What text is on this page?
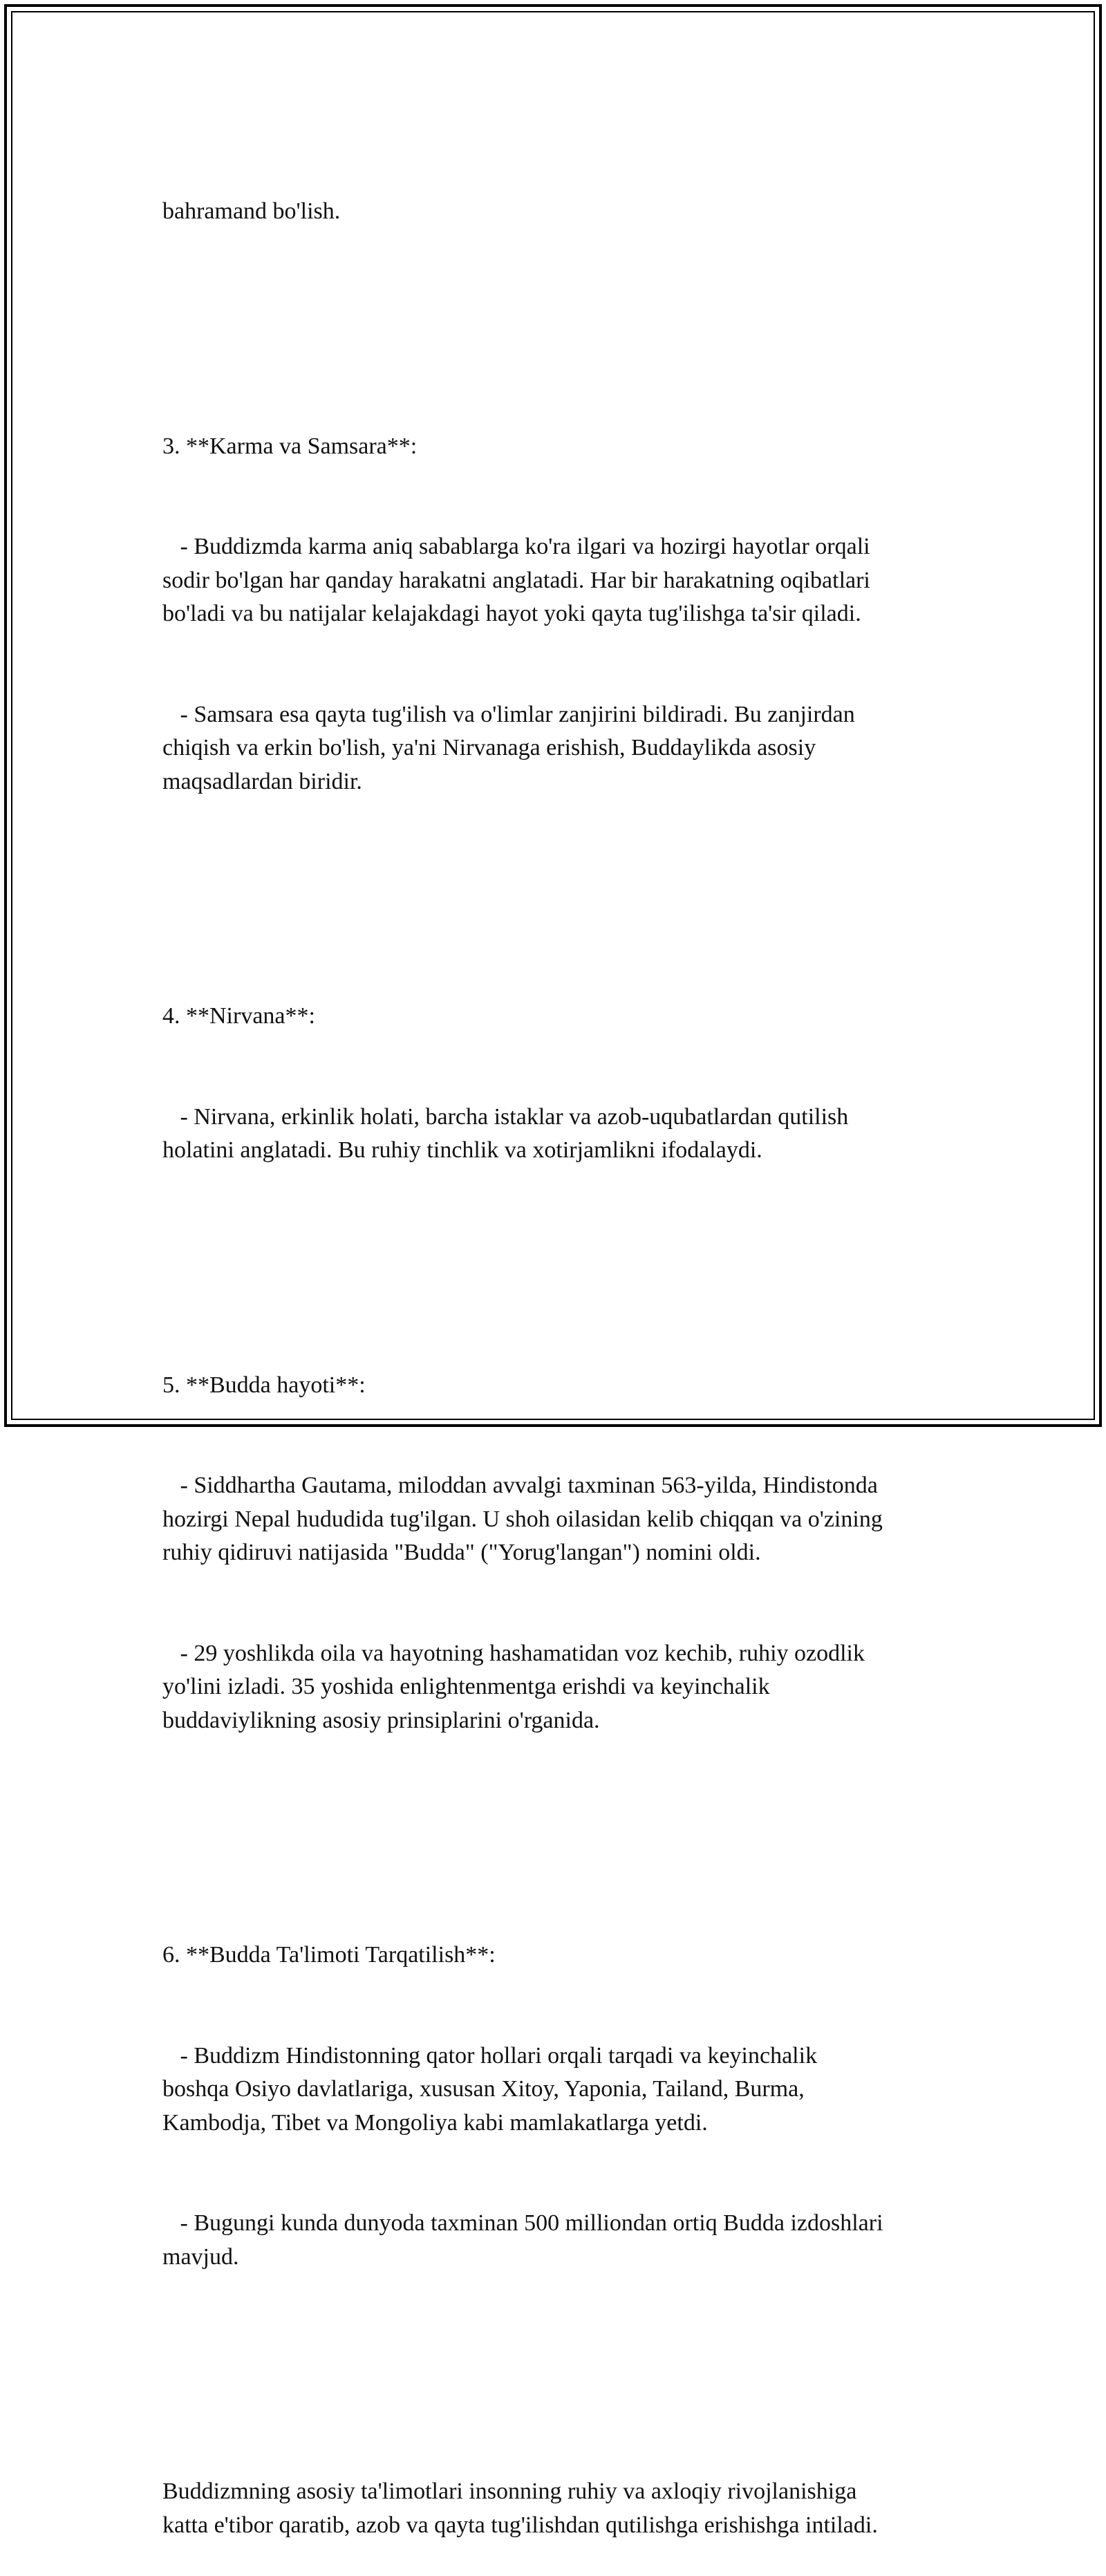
bahramand bo'lish.

3. **Karma va Samsara**:

- Buddizmda karma aniq sabablarga ko'ra ilgari va hozirgi hayotlar orqali
sodir bo'lgan har qanday harakatni anglatadi. Har bir harakatning oqibatlari
bo'ladi va bu natijalar kelajakdagi hayot yoki qayta tug'ilishga ta'sir qiladi.

- Samsara esa qayta tug'ilish va o'limlar zanjirini bildiradi. Bu zanjirdan
chiqish va erkin bo'lish, ya'ni Nirvanaga erishish, Buddaylikda asosiy
maqsadlardan biridir.

4. **Nirvana**:

- Nirvana, erkinlik holati, barcha istaklar va azob-uqubatlardan qutilish
holatini anglatadi. Bu ruhiy tinchlik va xotirjamlikni ifodalaydi.

5. **Budda hayoti**:

- Siddhartha Gautama, miloddan avvalgi taxminan 563-yilda, Hindistonda
hozirgi Nepal hududida tug'ilgan. U shoh oilasidan kelib chiqqan va o'zining
ruhiy qidiruvi natijasida "Budda" ("Yorug'langan") nomini oldi.

- 29 yoshlikda oila va hayotning hashamatidan voz kechib, ruhiy ozodlik
yo'lini izladi. 35 yoshida enlightenmentga erishdi va keyinchalik
buddaviylikning asosiy prinsiplarini o'rganida.

6. **Budda Ta'limoti Tarqatilish**:

- Buddizm Hindistonning qator hollari orqali tarqadi va keyinchalik
boshqa Osiyo davlatlariga, xususan Xitoy, Yaponia, Tailand, Burma,
Kambodja, Tibet va Mongoliya kabi mamlakatlarga yetdi.

- Bugungi kunda dunyoda taxminan 500 milliondan ortiq Budda izdoshlari
mavjud.

Buddizmning asosiy ta'limotlari insonning ruhiy va axloqiy rivojlanishiga
katta e'tibor qaratib, azob va qayta tug'ilishdan qutilishga erishishga intiladi.
